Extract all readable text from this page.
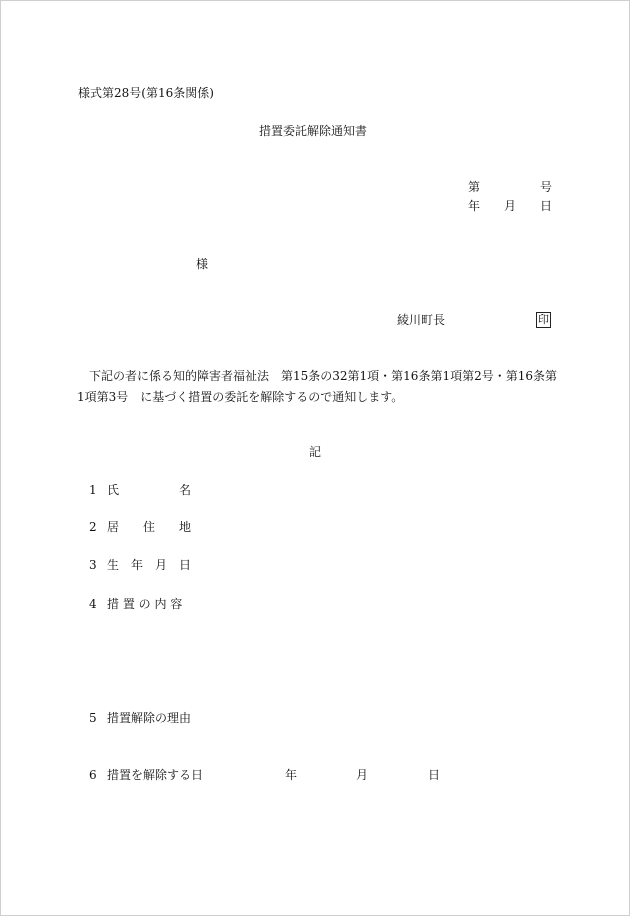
様式第28号(第16条関係)
措置委託解除通知書
第	号
年 月 日
様
綾川町長	印
下記の者に係る知的障害者福祉法　第15条の32第1項・第16条第1項第2号・第16条第1項第3号　に基づく措置の委託を解除するので通知します。
記
1 氏　　　　　名
2 居　　住　　地
3 生　年　月　日
4 措 置 の 内 容
5 措置解除の理由
6 措置を解除する日	年	月	日
